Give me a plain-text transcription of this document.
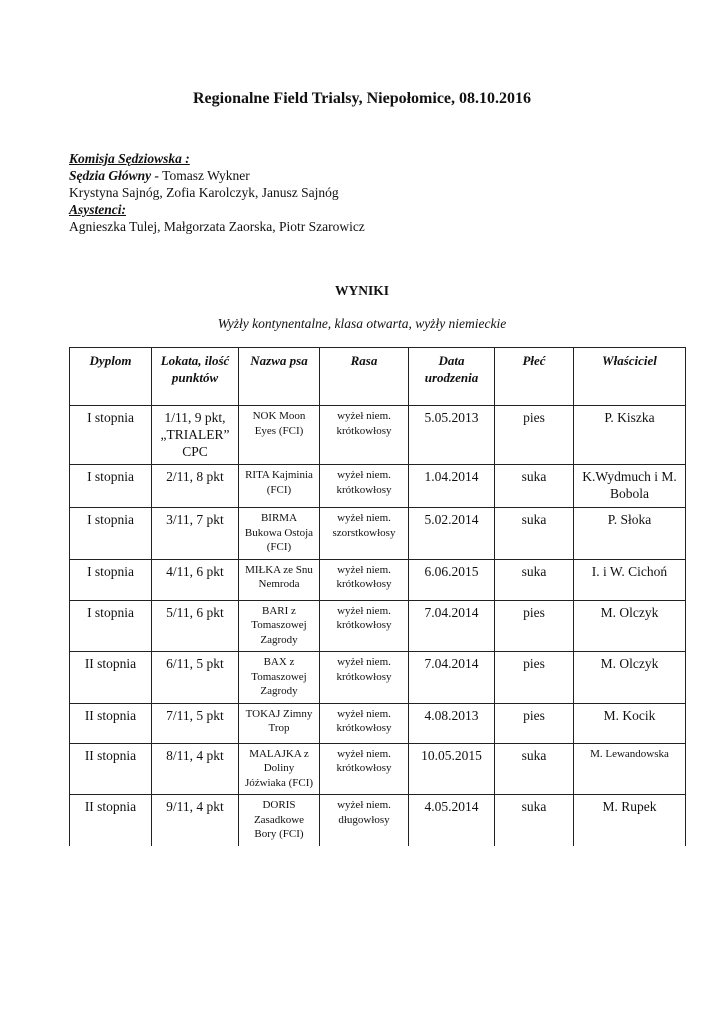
Regionalne Field Trialsy, Niepołomice, 08.10.2016
Komisja Sędziowska :
Sędzia Główny - Tomasz Wykner
Krystyna Sajnóg, Zofia Karolczyk, Janusz Sajnóg
Asystenci:
Agnieszka Tulej, Małgorzata Zaorska, Piotr Szarowicz
WYNIKI
Wyżły kontynentalne, klasa otwarta, wyżły niemieckie
Dyplom	Lokata, ilość punktów	Nazwa psa	Rasa	Data urodzenia	Płeć	Właściciel
I stopnia	1/11, 9 pkt, „TRIALER” CPC	NOK Moon Eyes (FCI)	wyżeł niem. krótkowłosy	5.05.2013	pies	P. Kiszka
I stopnia	2/11, 8 pkt	RITA Kajminia (FCI)	wyżeł niem. krótkowłosy	1.04.2014	suka	K.Wydmuch i M. Bobola
I stopnia	3/11, 7 pkt	BIRMA Bukowa Ostoja (FCI)	wyżeł niem. szorstkowłosy	5.02.2014	suka	P. Słoka
I stopnia	4/11, 6 pkt	MIŁKA ze Snu Nemroda	wyżeł niem. krótkowłosy	6.06.2015	suka	I. i W. Cichoń
I stopnia	5/11, 6 pkt	BARI z Tomaszowej Zagrody	wyżeł niem. krótkowłosy	7.04.2014	pies	M. Olczyk
II stopnia	6/11, 5 pkt	BAX z Tomaszowej Zagrody	wyżeł niem. krótkowłosy	7.04.2014	pies	M. Olczyk
II stopnia	7/11, 5 pkt	TOKAJ Zimny Trop	wyżeł niem. krótkowłosy	4.08.2013	pies	M. Kocik
II stopnia	8/11, 4 pkt	MALAJKA z Doliny Jóźwiaka (FCI)	wyżeł niem. krótkowłosy	10.05.2015	suka	M. Lewandowska
II stopnia	9/11, 4 pkt	DORIS Zasadkowe Bory (FCI)	wyżeł niem. długowłosy	4.05.2014	suka	M. Rupek
